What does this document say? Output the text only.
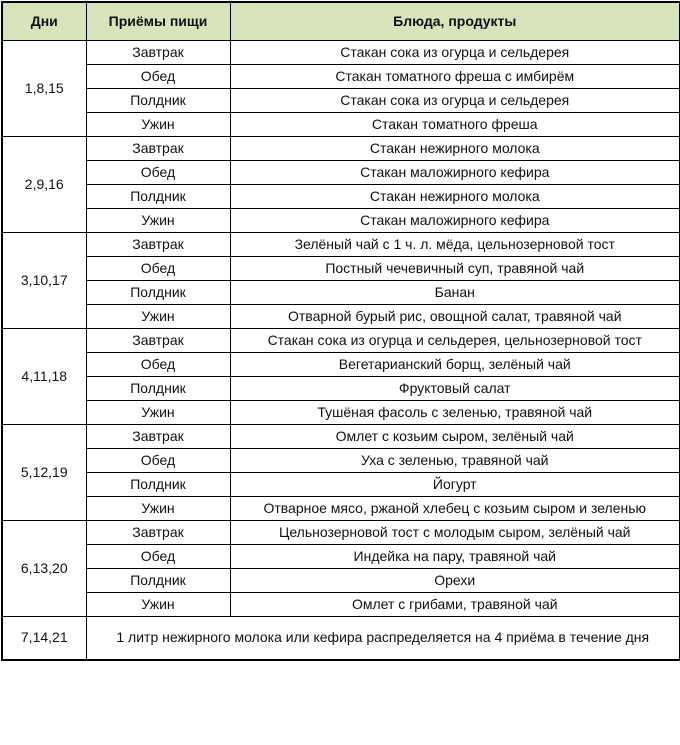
Дни	Приёмы пищи	Блюда, продукты
1,8,15	Завтрак	Стакан сока из огурца и сельдерея
	Обед	Стакан томатного фреша с имбирём
	Полдник	Стакан сока из огурца и сельдерея
	Ужин	Стакан томатного фреша
2,9,16	Завтрак	Стакан нежирного молока
	Обед	Стакан маложирного кефира
	Полдник	Стакан нежирного молока
	Ужин	Стакан маложирного кефира
3,10,17	Завтрак	Зелёный чай с 1 ч. л. мёда, цельнозерновой тост
	Обед	Постный чечевичный суп, травяной чай
	Полдник	Банан
	Ужин	Отварной бурый рис, овощной салат, травяной чай
4,11,18	Завтрак	Стакан сока из огурца и сельдерея, цельнозерновой тост
	Обед	Вегетарианский борщ, зелёный чай
	Полдник	Фруктовый салат
	Ужин	Тушёная фасоль с зеленью, травяной чай
5,12,19	Завтрак	Омлет с козьим сыром, зелёный чай
	Обед	Уха с зеленью, травяной чай
	Полдник	Йогурт
	Ужин	Отварное мясо, ржаной хлебец с козьим сыром и зеленью
6,13,20	Завтрак	Цельнозерновой тост с молодым сыром, зелёный чай
	Обед	Индейка на пару, травяной чай
	Полдник	Орехи
	Ужин	Омлет с грибами, травяной чай
7,14,21	1 литр нежирного молока или кефира распределяется на 4 приёма в течение дня	
